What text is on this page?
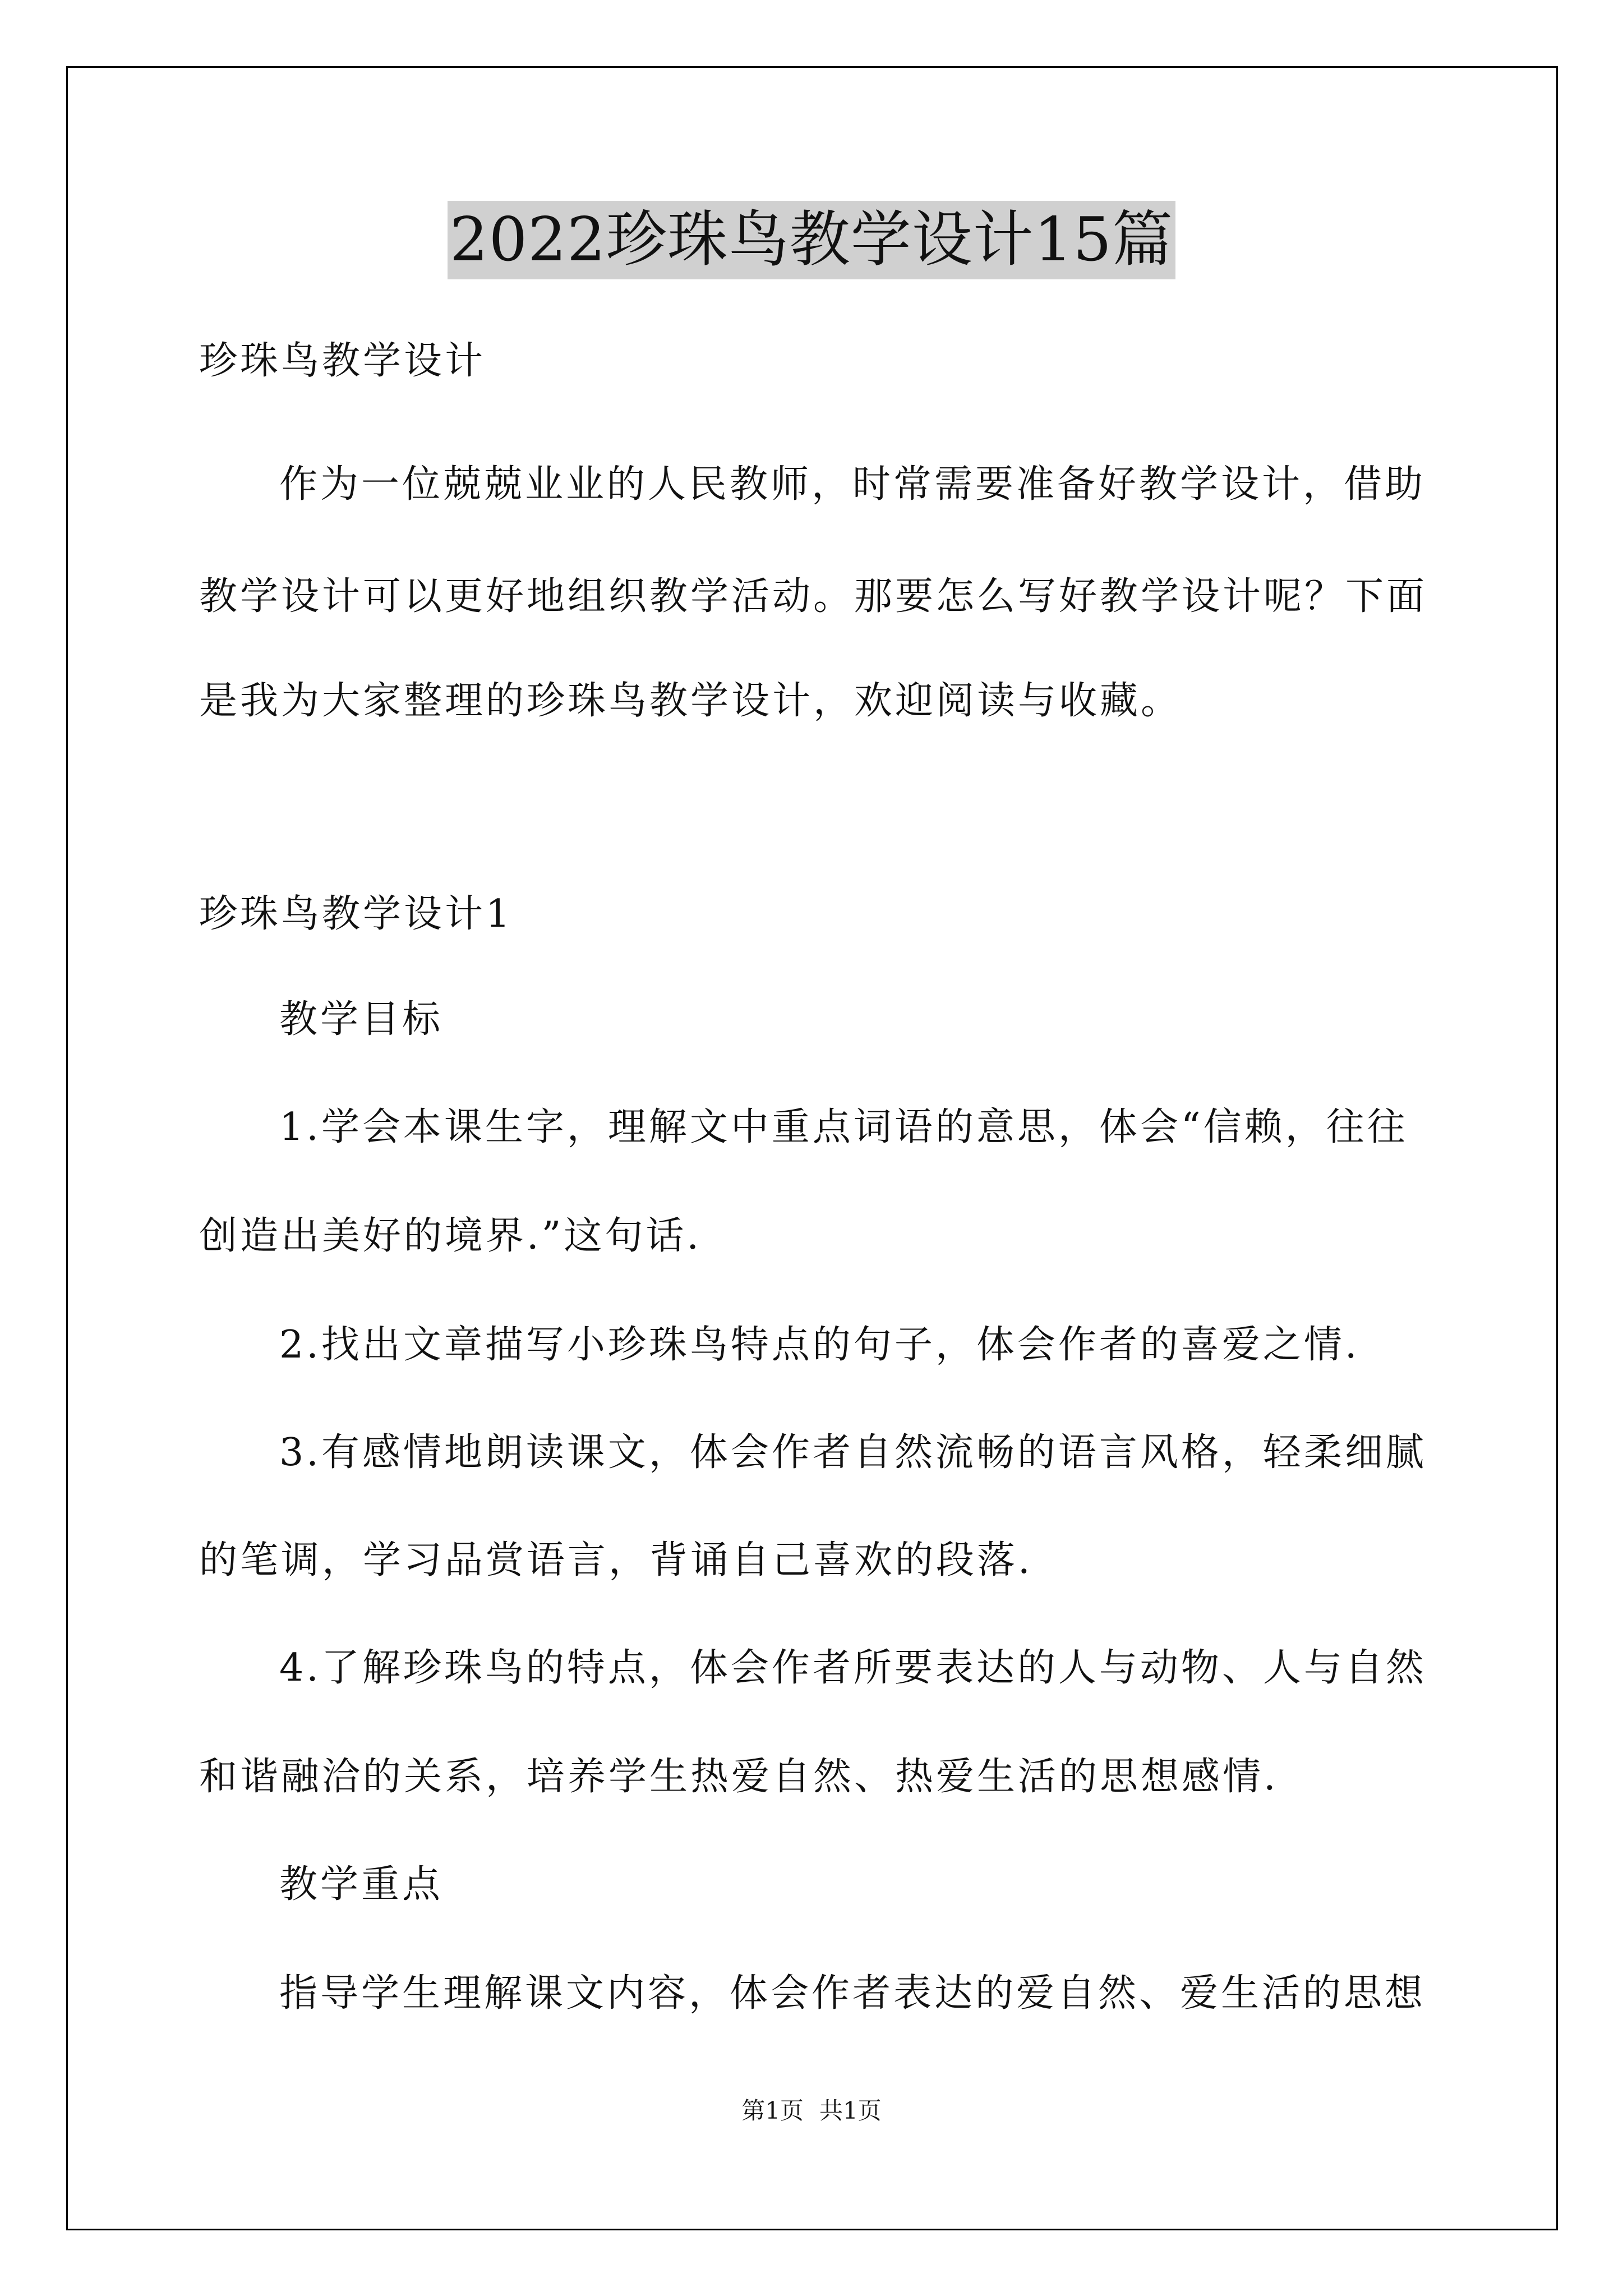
2022珍珠鸟教学设计15篇
珍珠鸟教学设计
作为一位兢兢业业的人民教师，时常需要准备好教学设计，借助
教学设计可以更好地组织教学活动。那要怎么写好教学设计呢？下面
是我为大家整理的珍珠鸟教学设计，欢迎阅读与收藏。
珍珠鸟教学设计1
教学目标
1.学会本课生字，理解文中重点词语的意思，体会“信赖，往往
创造出美好的境界.”这句话.
2.找出文章描写小珍珠鸟特点的句子，体会作者的喜爱之情.
3.有感情地朗读课文，体会作者自然流畅的语言风格，轻柔细腻
的笔调，学习品赏语言，背诵自己喜欢的段落.
4.了解珍珠鸟的特点，体会作者所要表达的人与动物、人与自然
和谐融洽的关系，培养学生热爱自然、热爱生活的思想感情.
教学重点
指导学生理解课文内容，体会作者表达的爱自然、爱生活的思想
第1页 共1页
